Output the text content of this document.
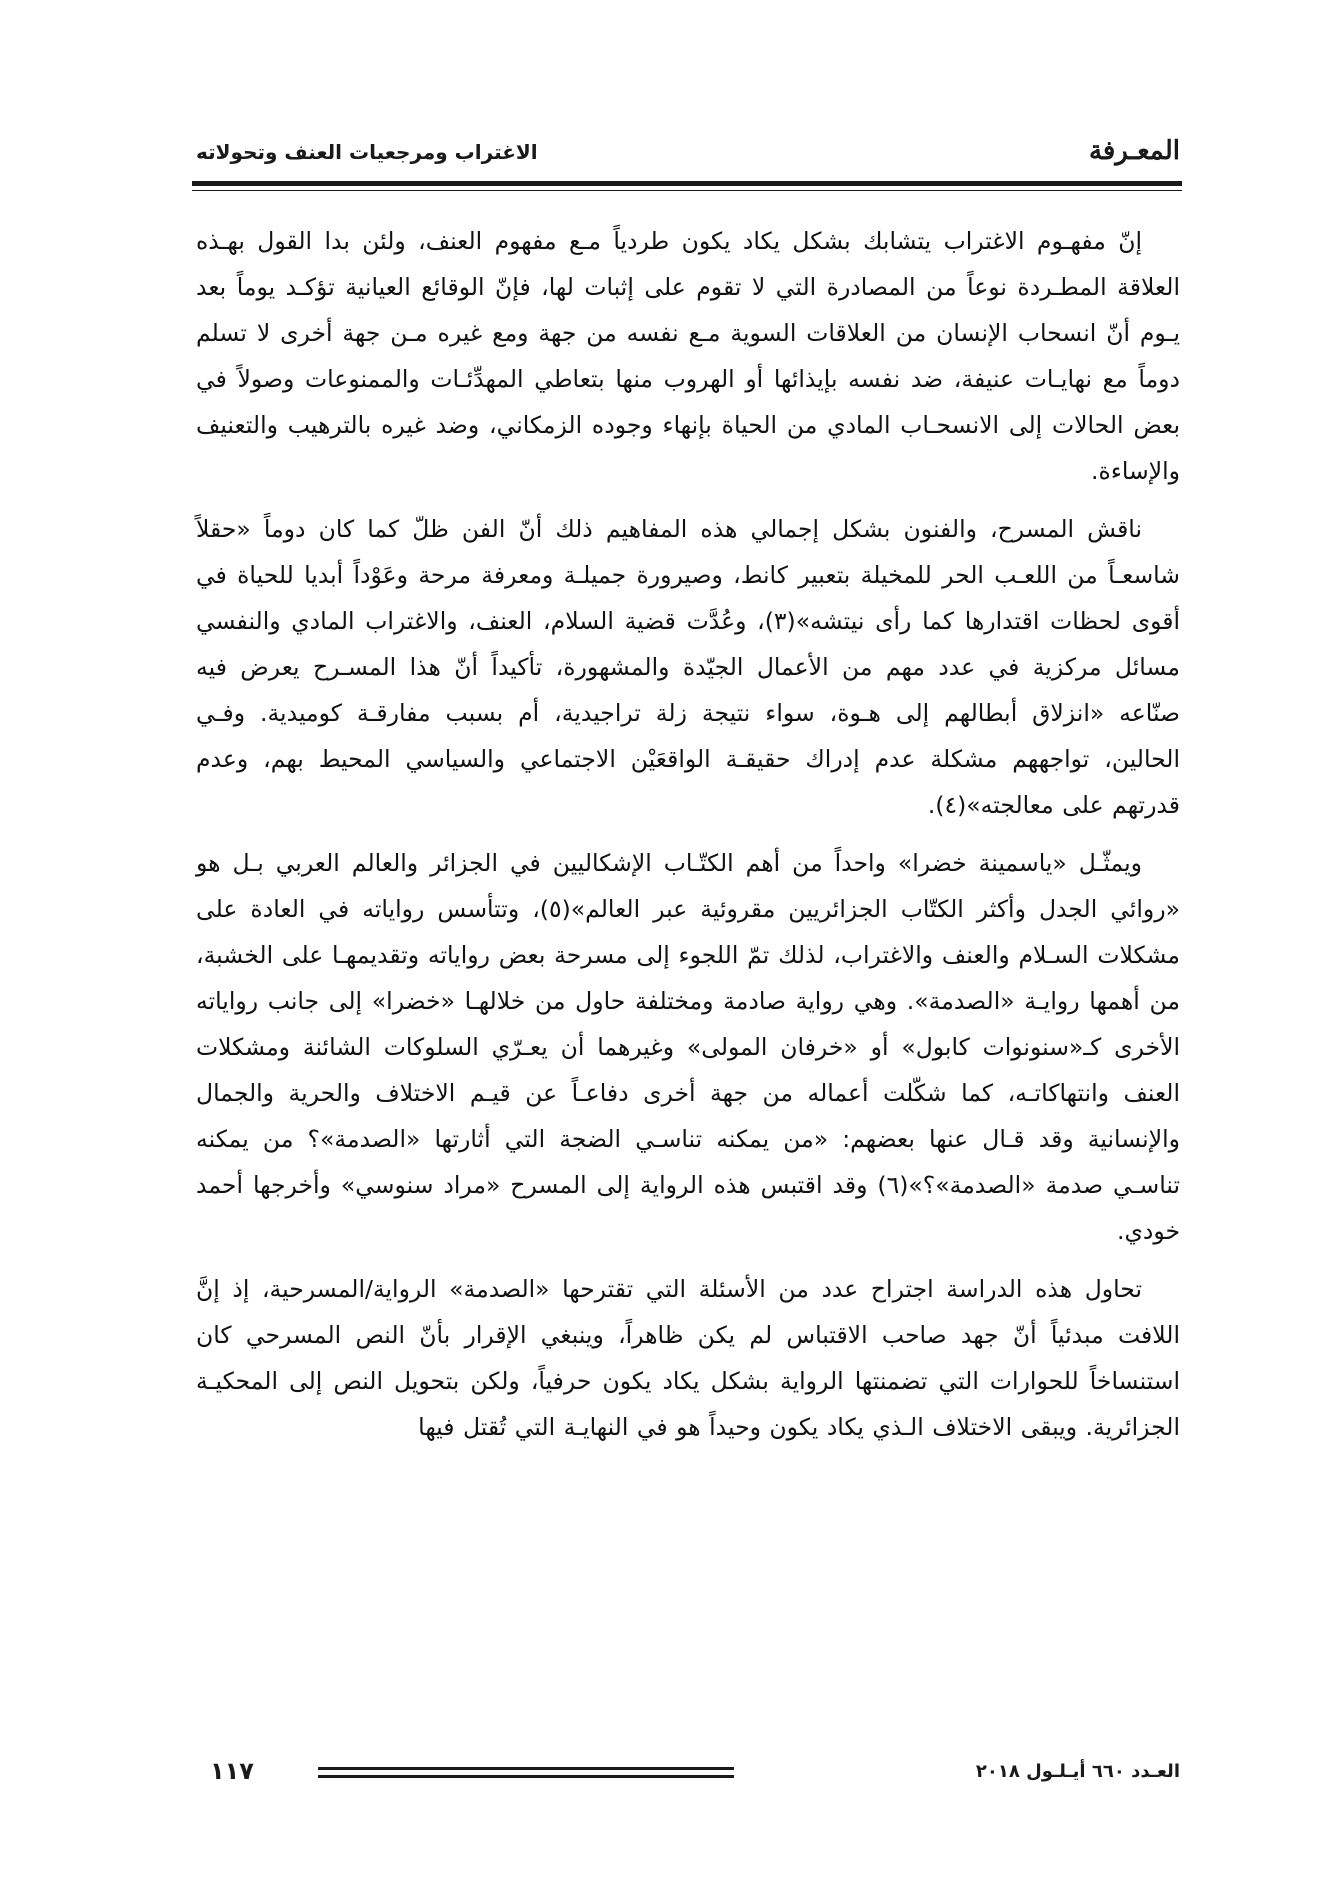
المعـرفة
الاغتراب ومرجعيات العنف وتحولاته

إنّ مفهـوم الاغتراب يتشابك بشكل يكاد يكون طردياً مـع مفهوم العنف، ولئن بدا القول بهـذه العلاقة المطـردة نوعاً من المصادرة التي لا تقوم على إثبات لها، فإنّ الوقائع العيانية تؤكـد يوماً بعد يـوم أنّ انسحاب الإنسان من العلاقات السوية مـع نفسه من جهة ومع غيره مـن جهة أخرى لا تسلم دوماً مع نهايـات عنيفة، ضد نفسه بإيذائها أو الهروب منها بتعاطي المهدِّئـات والممنوعات وصولاً في بعض الحالات إلى الانسحـاب المادي من الحياة بإنهاء وجوده الزمكاني، وضد غيره بالترهيب والتعنيف والإساءة.

ناقش المسرح، والفنون بشكل إجمالي هذه المفاهيم ذلك أنّ الفن ظلّ كما كان دوماً «حقلاً شاسعـاً من اللعـب الحر للمخيلة بتعبير كانط، وصيرورة جميلـة ومعرفة مرحة وعَوْداً أبديا للحياة في أقوى لحظات اقتدارها كما رأى نيتشه»(٣)، وعُدَّت قضية السلام، العنف، والاغتراب المادي والنفسي مسائل مركزية في عدد مهم من الأعمال الجيّدة والمشهورة، تأكيداً أنّ هذا المسـرح يعرض فيه صنّاعه «انزلاق أبطالهم إلى هـوة، سواء نتيجة زلة تراجيدية، أم بسبب مفارقـة كوميدية. وفـي الحالين، تواجههم مشكلة عدم إدراك حقيقـة الواقعَيْن الاجتماعي والسياسي المحيط بهم، وعدم قدرتهم على معالجته»(٤).

ويمثّـل «ياسمينة خضرا» واحداً من أهم الكتّـاب الإشكاليين في الجزائر والعالم العربي بـل هو «روائي الجدل وأكثر الكتّاب الجزائريين مقروئية عبر العالم»(٥)، وتتأسس رواياته في العادة على مشكلات السـلام والعنف والاغتراب، لذلك تمّ اللجوء إلى مسرحة بعض رواياته وتقديمهـا على الخشبة، من أهمها روايـة «الصدمة». وهي رواية صادمة ومختلفة حاول من خلالهـا «خضرا» إلى جانب رواياته الأخرى كـ«سنونوات كابول» أو «خرفان المولى» وغيرهما أن يعـرّي السلوكات الشائنة ومشكلات العنف وانتهاكاتـه، كما شكّلت أعماله من جهة أخرى دفاعـاً عن قيـم الاختلاف والحرية والجمال والإنسانية وقد قـال عنها بعضهم: «من يمكنه تناسـي الضجة التي أثارتها «الصدمة»؟ من يمكنه تناسـي صدمة «الصدمة»؟»(٦) وقد اقتبس هذه الرواية إلى المسرح «مراد سنوسي» وأخرجها أحمد خودي.

تحاول هذه الدراسة اجتراح عدد من الأسئلة التي تقترحها «الصدمة» الرواية/المسرحية، إذ إنَّ اللافت مبدئياً أنّ جهد صاحب الاقتباس لم يكن ظاهراً، وينبغي الإقرار بأنّ النص المسرحي كان استنساخاً للحوارات التي تضمنتها الرواية بشكل يكاد يكون حرفياً، ولكن بتحويل النص إلى المحكيـة الجزائرية. ويبقى الاختلاف الـذي يكاد يكون وحيداً هو في النهايـة التي تُقتل فيها

العـدد ٦٦٠ أيـلـول ٢٠١٨
١١٧
